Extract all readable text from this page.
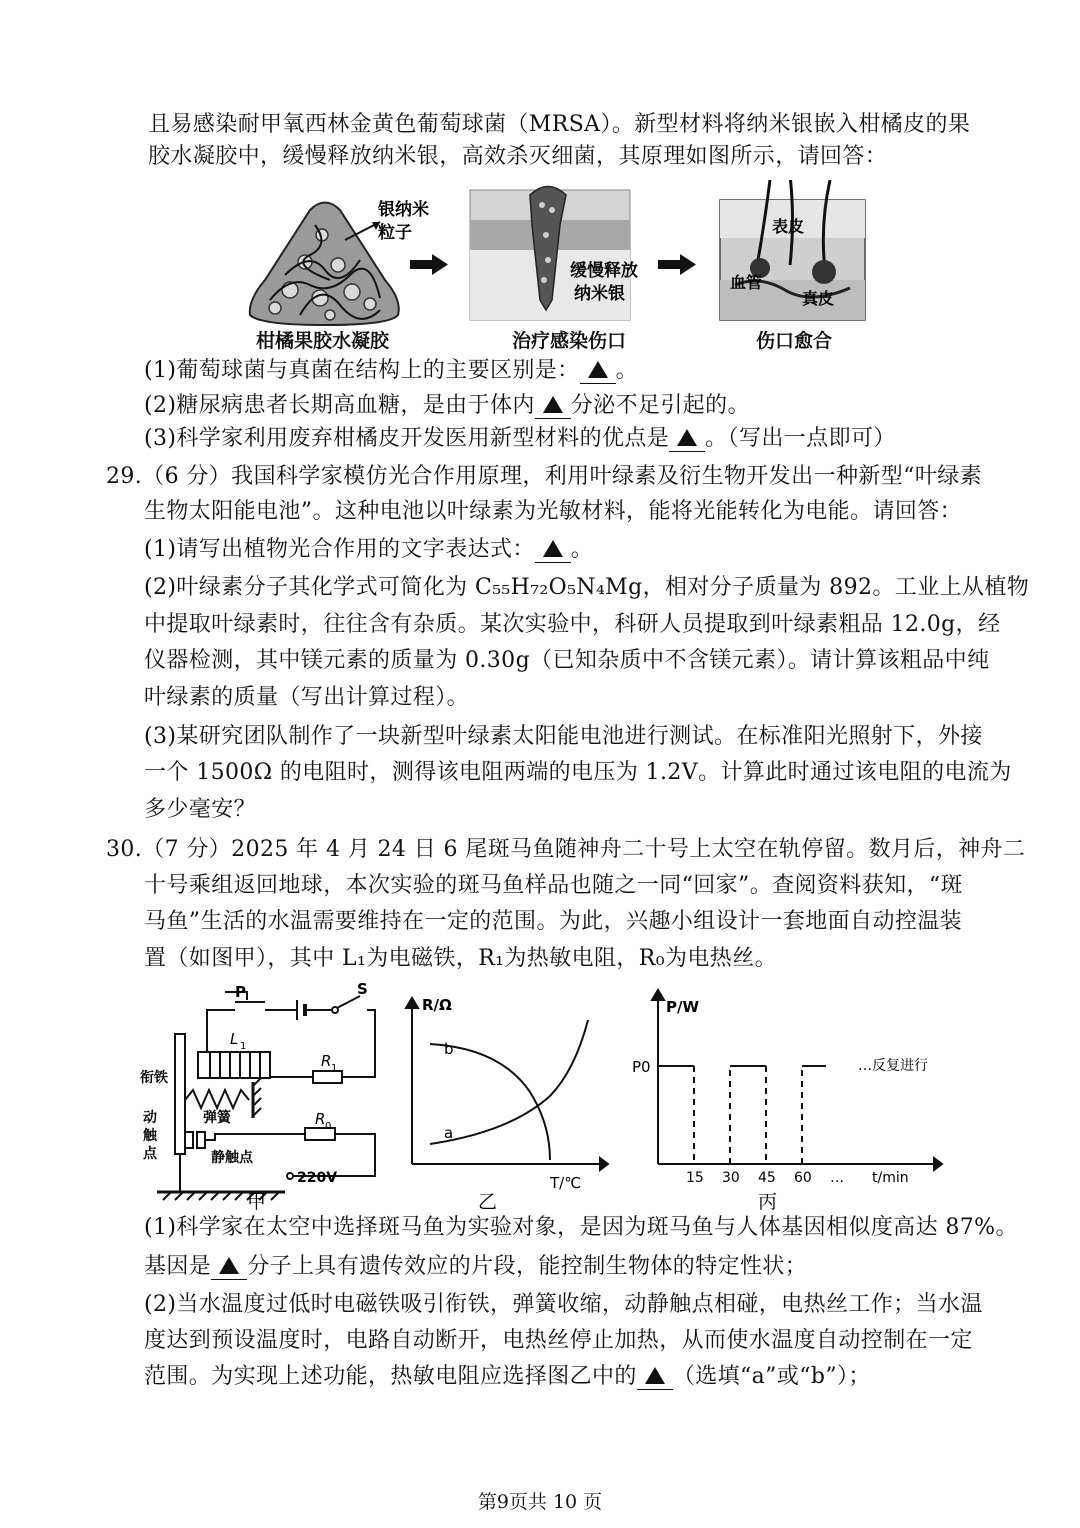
且易感染耐甲氧西林金黄色葡萄球菌（MRSA）。新型材料将纳米银嵌入柑橘皮的果
胶水凝胶中，缓慢释放纳米银，高效杀灭细菌，其原理如图所示，请回答：
银纳米
粒子
缓慢释放
纳米银
表皮
血管
真皮
柑橘果胶水凝胶	治疗感染伤口	伤口愈合
(1)葡萄球菌与真菌在结构上的主要区别是： 。
(2)糖尿病患者长期高血糖，是由于体内 分泌不足引起的。
(3)科学家利用废弃柑橘皮开发医用新型材料的优点是 。（写出一点即可）
29.（6 分）我国科学家模仿光合作用原理，利用叶绿素及衍生物开发出一种新型“叶绿素
生物太阳能电池”。这种电池以叶绿素为光敏材料，能将光能转化为电能。请回答：
(1)请写出植物光合作用的文字表达式： 。
(2)叶绿素分子其化学式可简化为 C₅₅H₇₂O₅N₄Mg，相对分子质量为 892。工业上从植物
中提取叶绿素时，往往含有杂质。某次实验中，科研人员提取到叶绿素粗品 12.0g，经
仪器检测，其中镁元素的质量为 0.30g（已知杂质中不含镁元素）。请计算该粗品中纯
叶绿素的质量（写出计算过程）。
(3)某研究团队制作了一块新型叶绿素太阳能电池进行测试。在标准阳光照射下，外接
一个 1500Ω 的电阻时，测得该电阻两端的电压为 1.2V。计算此时通过该电阻的电流为
多少毫安？
30.（7 分）2025 年 4 月 24 日 6 尾斑马鱼随神舟二十号上太空在轨停留。数月后，神舟二
十号乘组返回地球，本次实验的斑马鱼样品也随之一同“回家”。查阅资料获知，“斑
马鱼”生活的水温需要维持在一定的范围。为此，兴趣小组设计一套地面自动控温装
置（如图甲），其中 L₁为电磁铁，R₁为热敏电阻，R₀为电热丝。
P	S
L 1
R 1
R 0
衔铁
弹簧
动
触
点	静触点
220V
甲
R/Ω
T/℃
a
b
乙
P/W
P0	…反复进行
t/min
15 30 45 60 …
丙
(1)科学家在太空中选择斑马鱼为实验对象，是因为斑马鱼与人体基因相似度高达 87%。
基因是 分子上具有遗传效应的片段，能控制生物体的特定性状；
(2)当水温度过低时电磁铁吸引衔铁，弹簧收缩，动静触点相碰，电热丝工作；当水温
度达到预设温度时，电路自动断开，电热丝停止加热，从而使水温度自动控制在一定
范围。为实现上述功能，热敏电阻应选择图乙中的 （选填“a”或“b”）；
第9页共 10 页
